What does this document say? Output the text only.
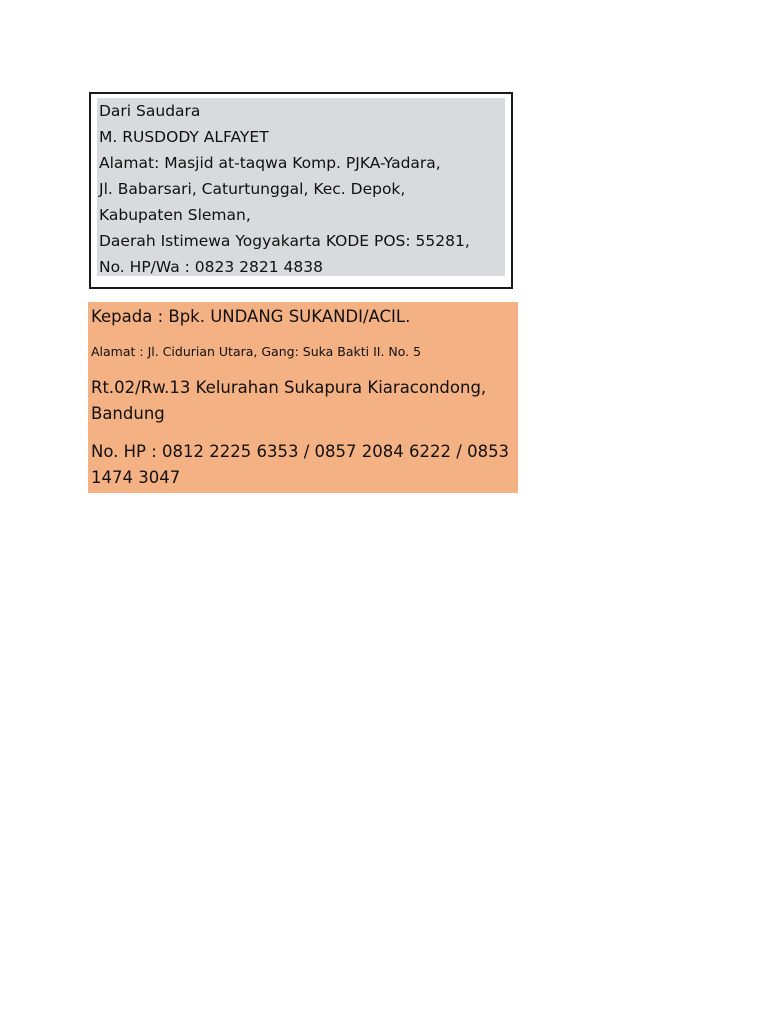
Dari Saudara
M. RUSDODY ALFAYET
Alamat: Masjid at-taqwa Komp. PJKA-Yadara,
Jl. Babarsari, Caturtunggal, Kec. Depok,
Kabupaten Sleman,
Daerah Istimewa Yogyakarta KODE POS: 55281,
No. HP/Wa : 0823 2821 4838
Kepada : Bpk. UNDANG SUKANDI/ACIL.
Alamat : Jl. Cidurian Utara, Gang: Suka Bakti II. No. 5
Rt.02/Rw.13 Kelurahan Sukapura Kiaracondong,
Bandung
No. HP : 0812 2225 6353 / 0857 2084 6222 / 0853
1474 3047
